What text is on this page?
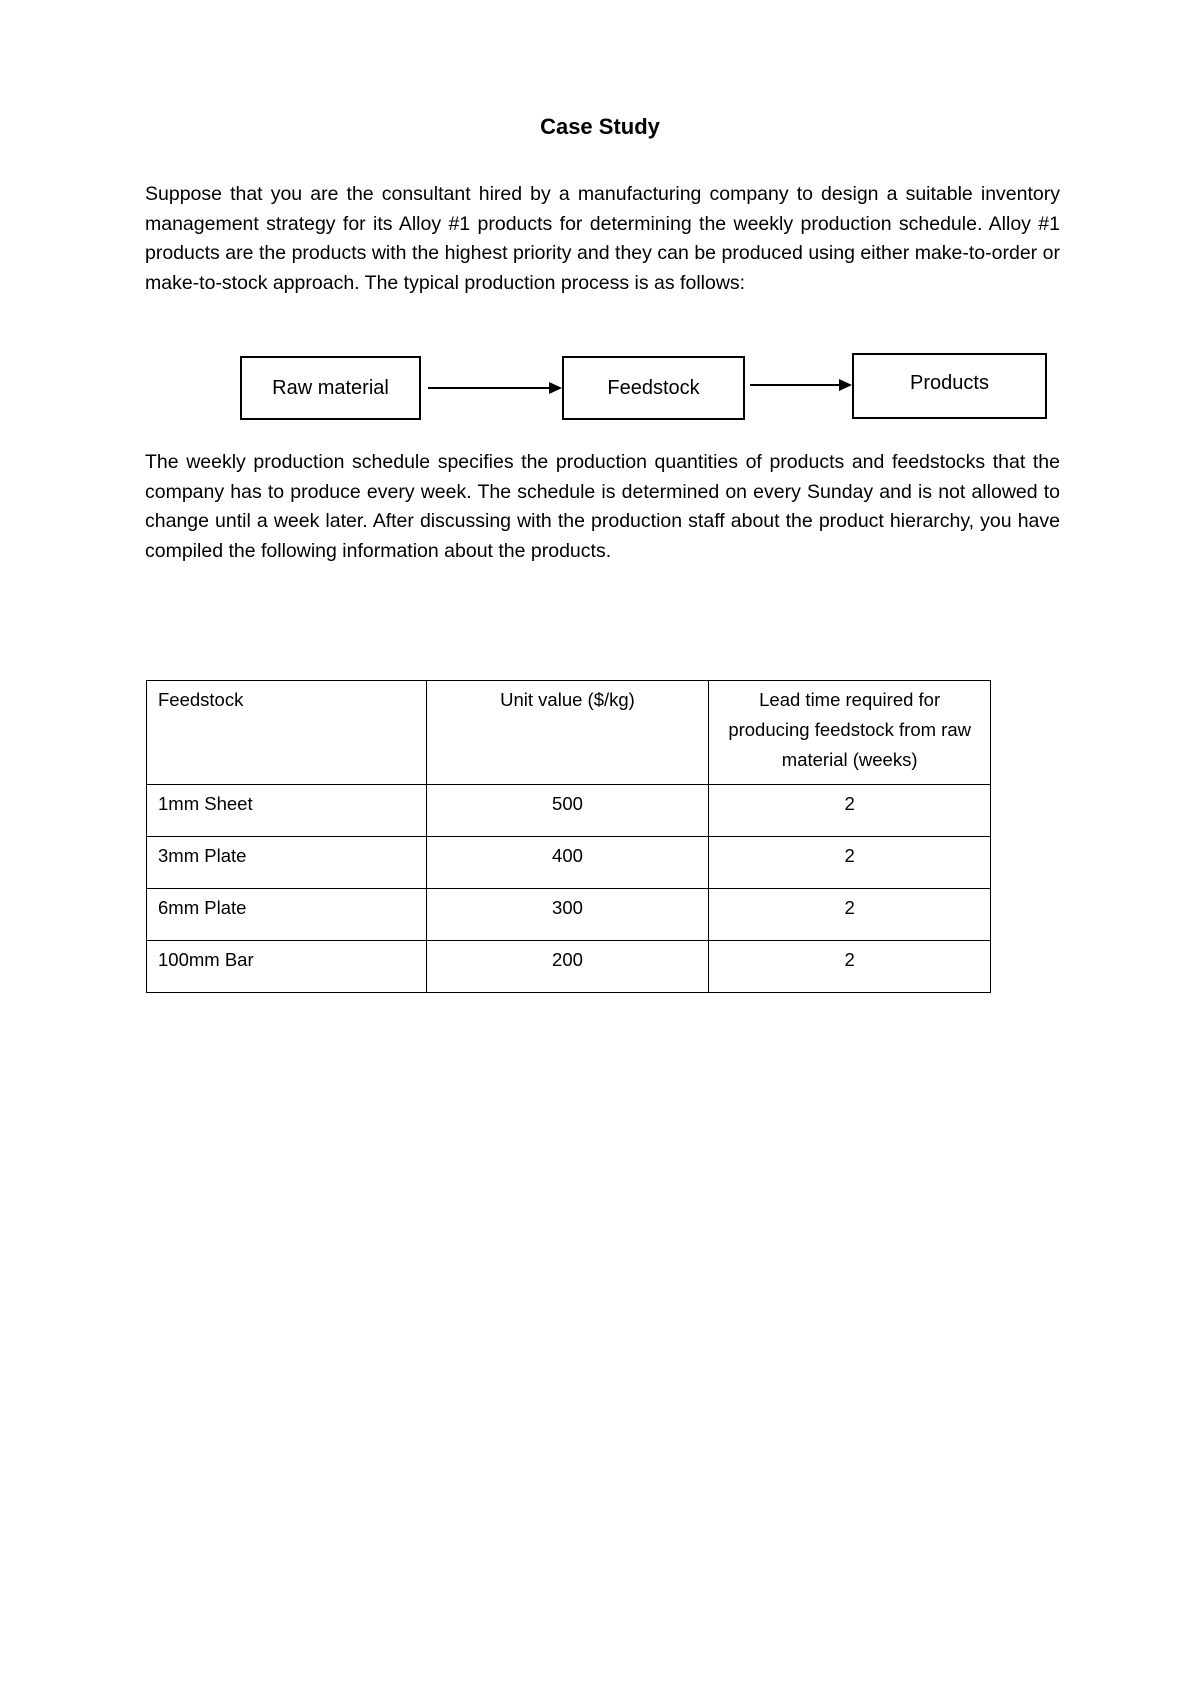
Case Study

Suppose that you are the consultant hired by a manufacturing company to design a suitable inventory management strategy for its Alloy #1 products for determining the weekly production schedule. Alloy #1 products are the products with the highest priority and they can be produced using either make-to-order or make-to-stock approach. The typical production process is as follows:

Raw material	Feedstock	Products

The weekly production schedule specifies the production quantities of products and feedstocks that the company has to produce every week. The schedule is determined on every Sunday and is not allowed to change until a week later. After discussing with the production staff about the product hierarchy, you have compiled the following information about the products.

Feedstock	Unit value ($/kg)	Lead time required for producing feedstock from raw material (weeks)
1mm Sheet	500	2
3mm Plate	400	2
6mm Plate	300	2
100mm Bar	200	2
